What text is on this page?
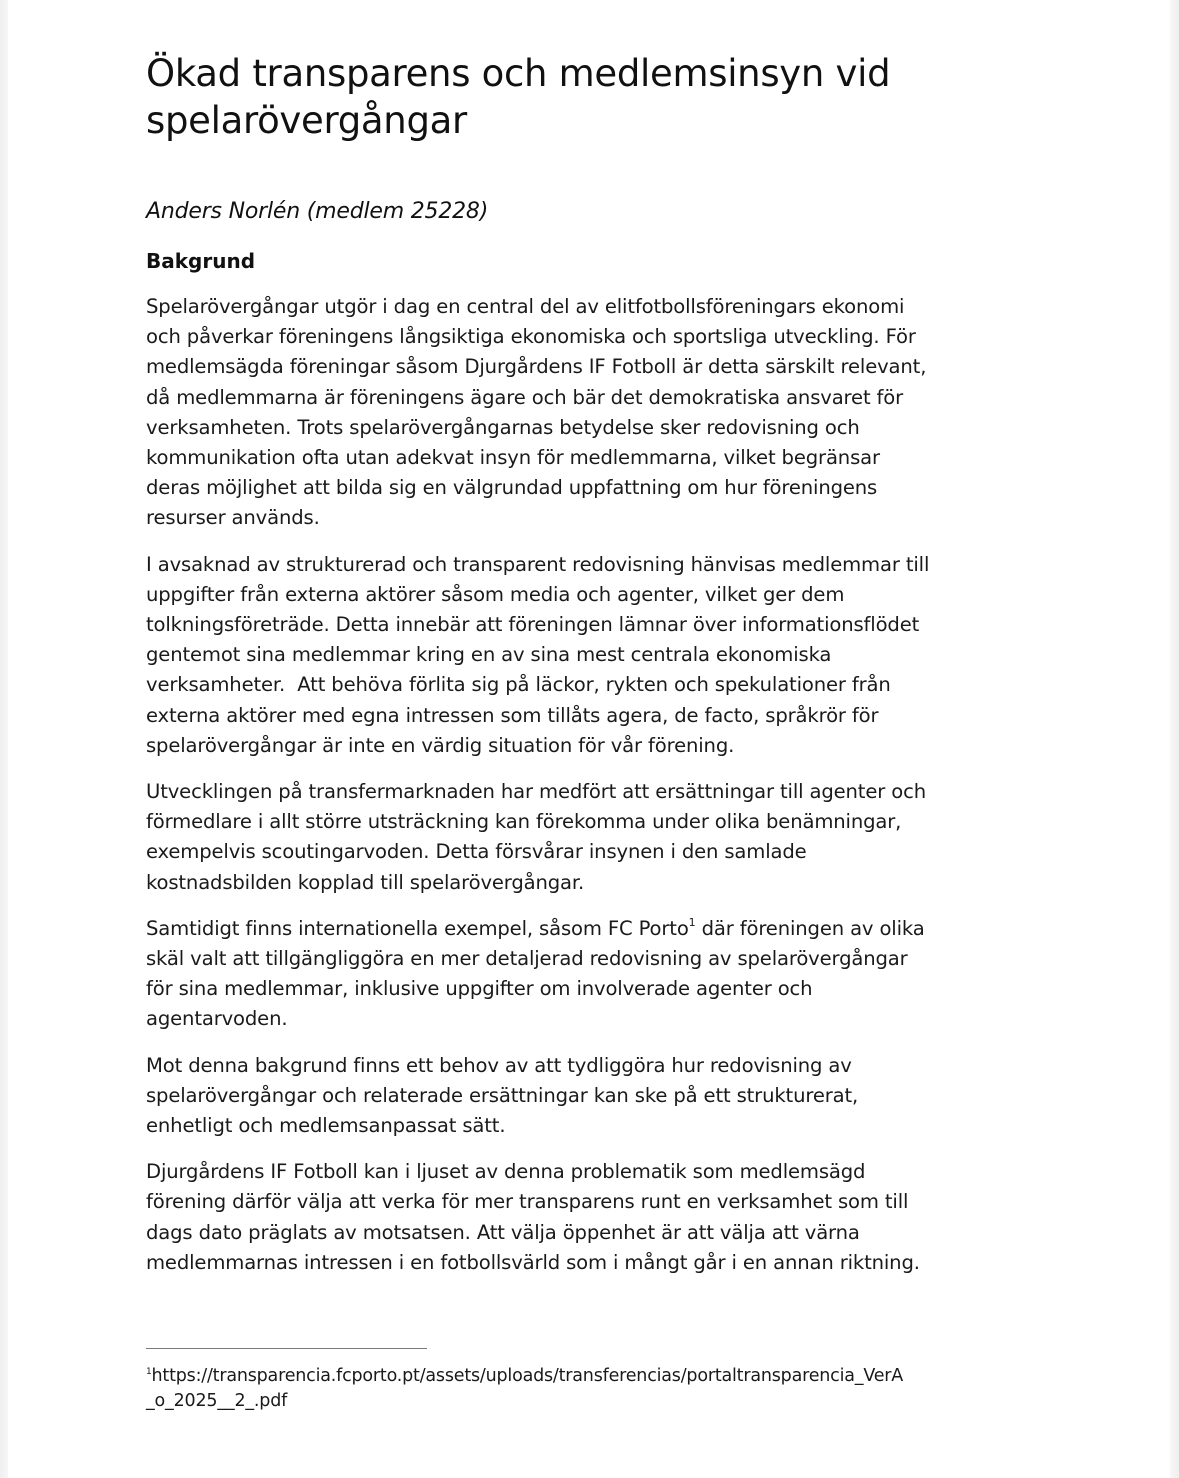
Ökad transparens och medlemsinsyn vid
spelarövergångar

Anders Norlén (medlem 25228)

Bakgrund

Spelarövergångar utgör i dag en central del av elitfotbollsföreningars ekonomi
och påverkar föreningens långsiktiga ekonomiska och sportsliga utveckling. För
medlemsägda föreningar såsom Djurgårdens IF Fotboll är detta särskilt relevant,
då medlemmarna är föreningens ägare och bär det demokratiska ansvaret för
verksamheten. Trots spelarövergångarnas betydelse sker redovisning och
kommunikation ofta utan adekvat insyn för medlemmarna, vilket begränsar
deras möjlighet att bilda sig en välgrundad uppfattning om hur föreningens
resurser används.

I avsaknad av strukturerad och transparent redovisning hänvisas medlemmar till
uppgifter från externa aktörer såsom media och agenter, vilket ger dem
tolkningsföreträde. Detta innebär att föreningen lämnar över informationsflödet
gentemot sina medlemmar kring en av sina mest centrala ekonomiska
verksamheter.  Att behöva förlita sig på läckor, rykten och spekulationer från
externa aktörer med egna intressen som tillåts agera, de facto, språkrör för
spelarövergångar är inte en värdig situation för vår förening.

Utvecklingen på transfermarknaden har medfört att ersättningar till agenter och
förmedlare i allt större utsträckning kan förekomma under olika benämningar,
exempelvis scoutingarvoden. Detta försvårar insynen i den samlade
kostnadsbilden kopplad till spelarövergångar.

Samtidigt finns internationella exempel, såsom FC Porto$^1$ där föreningen av olika
skäl valt att tillgängliggöra en mer detaljerad redovisning av spelarövergångar
för sina medlemmar, inklusive uppgifter om involverade agenter och
agentarvoden.

Mot denna bakgrund finns ett behov av att tydliggöra hur redovisning av
spelarövergångar och relaterade ersättningar kan ske på ett strukturerat,
enhetligt och medlemsanpassat sätt.

Djurgårdens IF Fotboll kan i ljuset av denna problematik som medlemsägd
förening därför välja att verka för mer transparens runt en verksamhet som till
dags dato präglats av motsatsen. Att välja öppenhet är att välja att värna
medlemmarnas intressen i en fotbollsvärld som i mångt går i en annan riktning.

$^1$https://transparencia.fcporto.pt/assets/uploads/transferencias/portaltransparencia_VerA
_o_2025__2_.pdf
